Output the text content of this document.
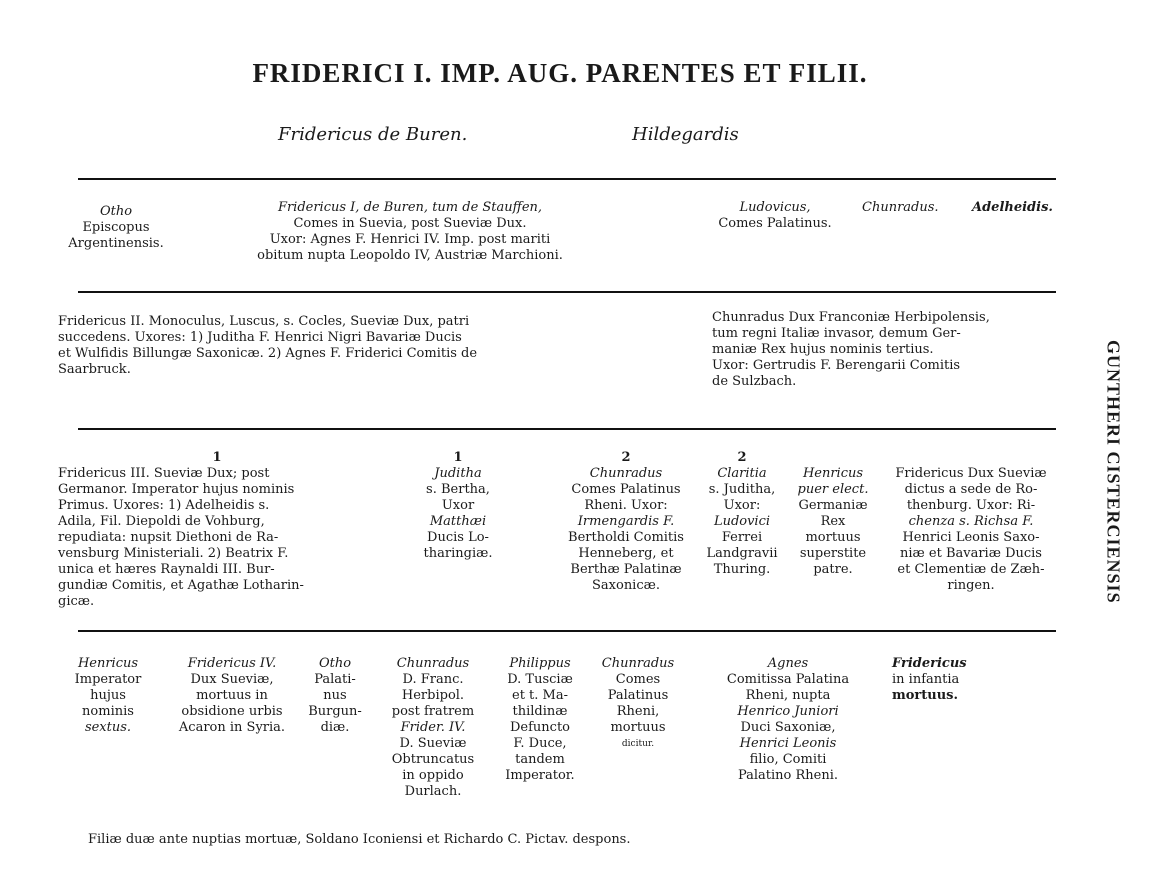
FRIDERICI I. IMP. AUG. PARENTES ET FILII.
Fridericus de Buren.	Hildegardis
Otho
Episcopus
Argentinensis.
Fridericus I, de Buren, tum de Stauffen,
Comes in Suevia, post Sueviæ Dux.
Uxor: Agnes F. Henrici IV. Imp. post mariti
obitum nupta Leopoldo IV, Austriæ Marchioni.
Ludovicus,
Comes Palatinus.
Chunradus.	Adelheidis.
Fridericus II. Monoculus, Luscus, s. Cocles, Sueviæ Dux, patri
succedens. Uxores: 1) Juditha F. Henrici Nigri Bavariæ Ducis
et Wulfidis Billungæ Saxonicæ. 2) Agnes F. Friderici Comitis de
Saarbruck.
Chunradus Dux Franconiæ Herbipolensis,
tum regni Italiæ invasor, demum Ger-
maniæ Rex hujus nominis tertius.
Uxor: Gertrudis F. Berengarii Comitis
de Sulzbach.
1
Fridericus III. Sueviæ Dux; post
Germanor. Imperator hujus nominis
Primus. Uxores: 1) Adelheidis s.
Adila, Fil. Diepoldi de Vohburg,
repudiata: nupsit Diethoni de Ra-
vensburg Ministeriali. 2) Beatrix F.
unica et hæres Raynaldi III. Bur-
gundiæ Comitis, et Agathæ Lotharin-
gicæ.
1
Juditha
s. Bertha,
Uxor
Matthæi
Ducis Lo-
tharingiæ.
2
Chunradus
Comes Palatinus
Rheni. Uxor:
Irmengardis F.
Bertholdi Comitis
Henneberg, et
Berthæ Palatinæ
Saxonicæ.
2
Claritia
s. Juditha,
Uxor:
Ludovici
Ferrei
Landgravii
Thuring.
Henricus
puer elect.
Germaniæ
Rex
mortuus
superstite
patre.
Fridericus Dux Sueviæ
dictus a sede de Ro-
thenburg. Uxor: Ri-
chenza s. Richsa F.
Henrici Leonis Saxo-
niæ et Bavariæ Ducis
et Clementiæ de Zæh-
ringen.
Henricus
Imperator
hujus
nominis
sextus.
Fridericus IV.
Dux Sueviæ,
mortuus in
obsidione urbis
Acaron in Syria.
Otho
Palati-
nus
Burgun-
diæ.
Chunradus
D. Franc.
Herbipol.
post fratrem
Frider. IV.
D. Sueviæ
Obtruncatus
in oppido
Durlach.
Philippus
D. Tusciæ
et t. Ma-
thildinæ
Defuncto
F. Duce,
tandem
Imperator.
Chunradus
Comes
Palatinus
Rheni,
mortuus
dicitur.
Agnes
Comitissa Palatina
Rheni, nupta
Henrico Juniori
Duci Saxoniæ,
Henrici Leonis
filio, Comiti
Palatino Rheni.
Fridericus
in infantia
mortuus.
Filiæ duæ ante nuptias mortuæ, Soldano Iconiensi et Richardo C. Pictav. despons.
GUNTHERI CISTERCIENSIS
